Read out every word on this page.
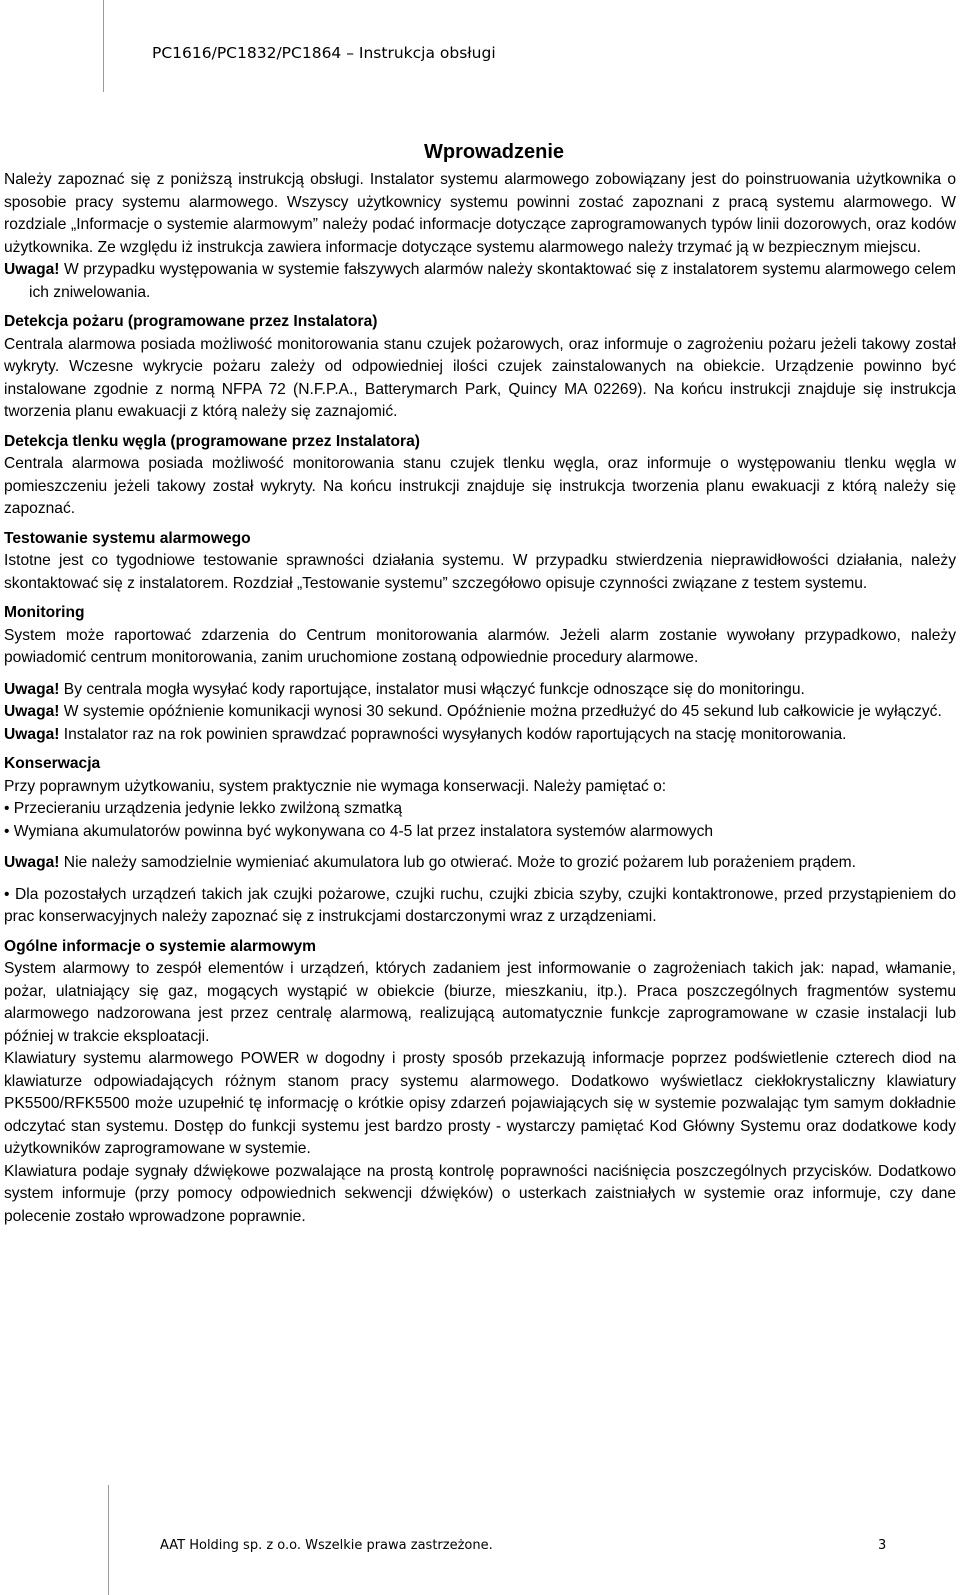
PC1616/PC1832/PC1864 – Instrukcja obsługi
Wprowadzenie

Należy zapoznać się z poniższą instrukcją obsługi. Instalator systemu alarmowego zobowiązany jest do poinstruowania użytkownika o sposobie pracy systemu alarmowego. Wszyscy użytkownicy systemu powinni zostać zapoznani z pracą systemu alarmowego. W rozdziale „Informacje o systemie alarmowym” należy podać informacje dotyczące zaprogramowanych typów linii dozorowych, oraz kodów użytkownika. Ze względu iż instrukcja zawiera informacje dotyczące systemu alarmowego należy trzymać ją w bezpiecznym miejscu.

Uwaga! W przypadku występowania w systemie fałszywych alarmów należy skontaktować się z instalatorem systemu alarmowego celem ich zniwelowania.

Detekcja pożaru (programowane przez Instalatora)

Centrala alarmowa posiada możliwość monitorowania stanu czujek pożarowych, oraz informuje o zagrożeniu pożaru jeżeli takowy został wykryty. Wczesne wykrycie pożaru zależy od odpowiedniej ilości czujek zainstalowanych na obiekcie. Urządzenie powinno być instalowane zgodnie z normą NFPA 72 (N.F.P.A., Batterymarch Park, Quincy MA 02269). Na końcu instrukcji znajduje się instrukcja tworzenia planu ewakuacji z którą należy się zaznajomić.

Detekcja tlenku węgla (programowane przez Instalatora)

Centrala alarmowa posiada możliwość monitorowania stanu czujek tlenku węgla, oraz informuje o występowaniu tlenku węgla w pomieszczeniu jeżeli takowy został wykryty. Na końcu instrukcji znajduje się instrukcja tworzenia planu ewakuacji z którą należy się zapoznać.

Testowanie systemu alarmowego

Istotne jest co tygodniowe testowanie sprawności działania systemu. W przypadku stwierdzenia nieprawidłowości działania, należy skontaktować się z instalatorem. Rozdział „Testowanie systemu” szczegółowo opisuje czynności związane z testem systemu.

Monitoring

System może raportować zdarzenia do Centrum monitorowania alarmów. Jeżeli alarm zostanie wywołany przypadkowo, należy powiadomić centrum monitorowania, zanim uruchomione zostaną odpowiednie procedury alarmowe.

Uwaga! By centrala mogła wysyłać kody raportujące, instalator musi włączyć funkcje odnoszące się do monitoringu.

Uwaga! W systemie opóźnienie komunikacji wynosi 30 sekund. Opóźnienie można przedłużyć do 45 sekund lub całkowicie je wyłączyć.

Uwaga! Instalator raz na rok powinien sprawdzać poprawności wysyłanych kodów raportujących na stację monitorowania.

Konserwacja

Przy poprawnym użytkowaniu, system praktycznie nie wymaga konserwacji. Należy pamiętać o:

• Przecieraniu urządzenia jedynie lekko zwilżoną szmatką

• Wymiana akumulatorów powinna być wykonywana co 4-5 lat przez instalatora systemów alarmowych

Uwaga! Nie należy samodzielnie wymieniać akumulatora lub go otwierać. Może to grozić pożarem lub porażeniem prądem.

• Dla pozostałych urządzeń takich jak czujki pożarowe, czujki ruchu, czujki zbicia szyby, czujki kontaktronowe, przed przystąpieniem do prac konserwacyjnych należy zapoznać się z instrukcjami dostarczonymi wraz z urządzeniami.

Ogólne informacje o systemie alarmowym

System alarmowy to zespół elementów i urządzeń, których zadaniem jest informowanie o zagrożeniach takich jak: napad, włamanie, pożar, ulatniający się gaz, mogących wystąpić w obiekcie (biurze, mieszkaniu, itp.). Praca poszczególnych fragmentów systemu alarmowego nadzorowana jest przez centralę alarmową, realizującą automatycznie funkcje zaprogramowane w czasie instalacji lub później w trakcie eksploatacji.

Klawiatury systemu alarmowego POWER w dogodny i prosty sposób przekazują informacje poprzez podświetlenie czterech diod na klawiaturze odpowiadających różnym stanom pracy systemu alarmowego. Dodatkowo wyświetlacz ciekłokrystaliczny klawiatury PK5500/RFK5500 może uzupełnić tę informację o krótkie opisy zdarzeń pojawiających się w systemie pozwalając tym samym dokładnie odczytać stan systemu. Dostęp do funkcji systemu jest bardzo prosty - wystarczy pamiętać Kod Główny Systemu oraz dodatkowe kody użytkowników zaprogramowane w systemie.

Klawiatura podaje sygnały dźwiękowe pozwalające na prostą kontrolę poprawności naciśnięcia poszczególnych przycisków. Dodatkowo system informuje (przy pomocy odpowiednich sekwencji dźwięków) o usterkach zaistniałych w systemie oraz informuje, czy dane polecenie zostało wprowadzone poprawnie.

AAT Holding sp. z o.o. Wszelkie prawa zastrzeżone.	3
